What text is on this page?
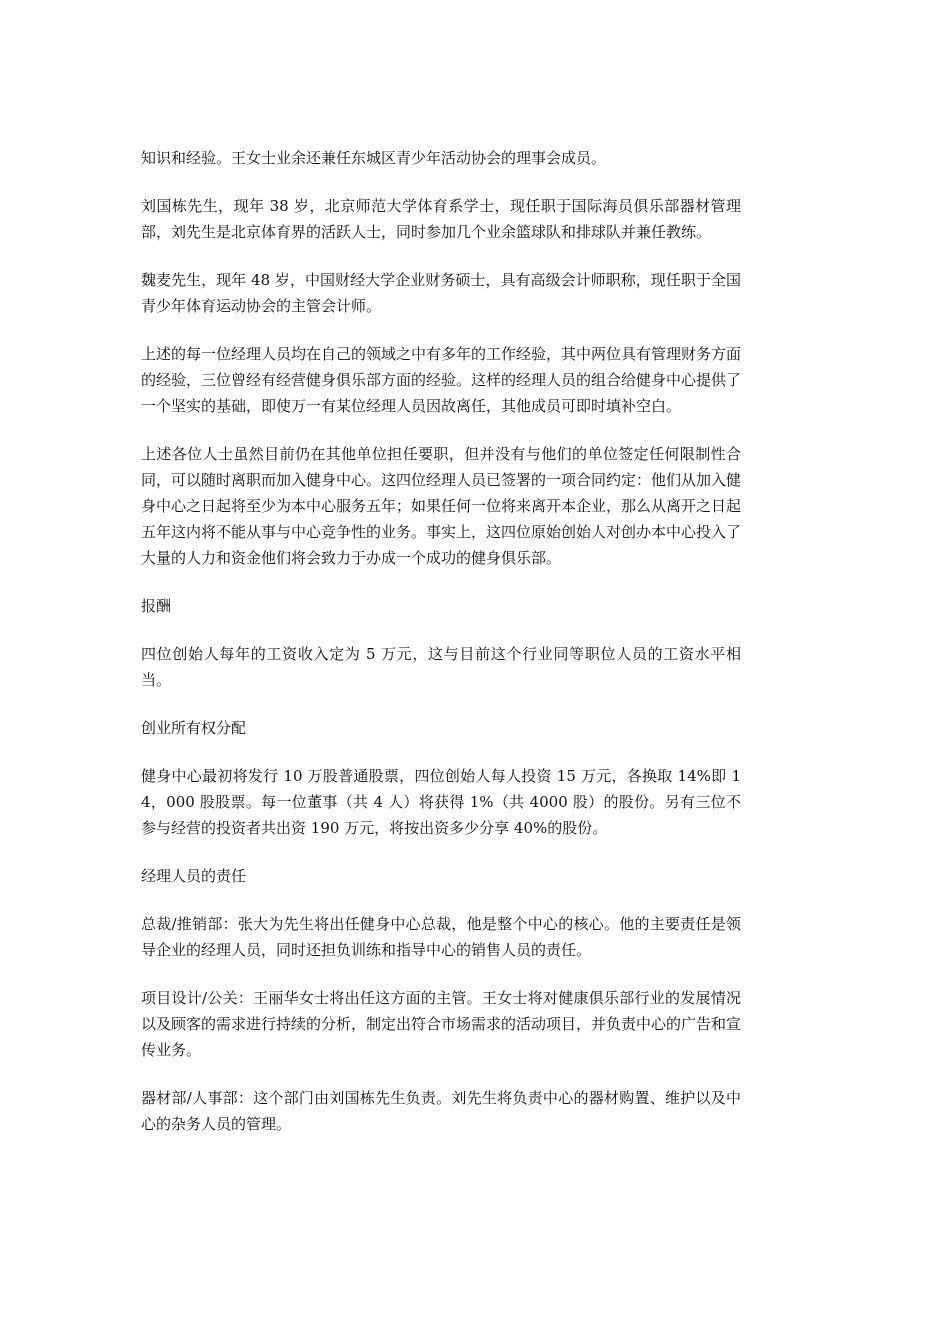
知识和经验。王女士业余还兼任东城区青少年活动协会的理事会成员。

刘国栋先生，现年 38 岁，北京师范大学体育系学士，现任职于国际海员俱乐部器材管理部，刘先生是北京体育界的活跃人士，同时参加几个业余篮球队和排球队并兼任教练。

魏麦先生，现年 48 岁，中国财经大学企业财务硕士，具有高级会计师职称，现任职于全国青少年体育运动协会的主管会计师。

上述的每一位经理人员均在自己的领域之中有多年的工作经验，其中两位具有管理财务方面的经验，三位曾经有经营健身俱乐部方面的经验。这样的经理人员的组合给健身中心提供了一个坚实的基础，即使万一有某位经理人员因故离任，其他成员可即时填补空白。

上述各位人士虽然目前仍在其他单位担任要职，但并没有与他们的单位签定任何限制性合同，可以随时离职而加入健身中心。这四位经理人员已签署的一项合同约定：他们从加入健身中心之日起将至少为本中心服务五年；如果任何一位将来离开本企业，那么从离开之日起五年这内将不能从事与中心竞争性的业务。事实上，这四位原始创始人对创办本中心投入了大量的人力和资金他们将会致力于办成一个成功的健身俱乐部。

报酬

四位创始人每年的工资收入定为 5 万元，这与目前这个行业同等职位人员的工资水平相当。

创业所有权分配

健身中心最初将发行 10 万股普通股票，四位创始人每人投资 15 万元，各换取 14%即 14，000 股股票。每一位董事（共 4 人）将获得 1%（共 4000 股）的股份。另有三位不参与经营的投资者共出资 190 万元，将按出资多少分享 40%的股份。

经理人员的责任

总裁/推销部：张大为先生将出任健身中心总裁，他是整个中心的核心。他的主要责任是领导企业的经理人员，同时还担负训练和指导中心的销售人员的责任。

项目设计/公关：王丽华女士将出任这方面的主管。王女士将对健康俱乐部行业的发展情况以及顾客的需求进行持续的分析，制定出符合市场需求的活动项目，并负责中心的广告和宣传业务。

器材部/人事部：这个部门由刘国栋先生负责。刘先生将负责中心的器材购置、维护以及中心的杂务人员的管理。
